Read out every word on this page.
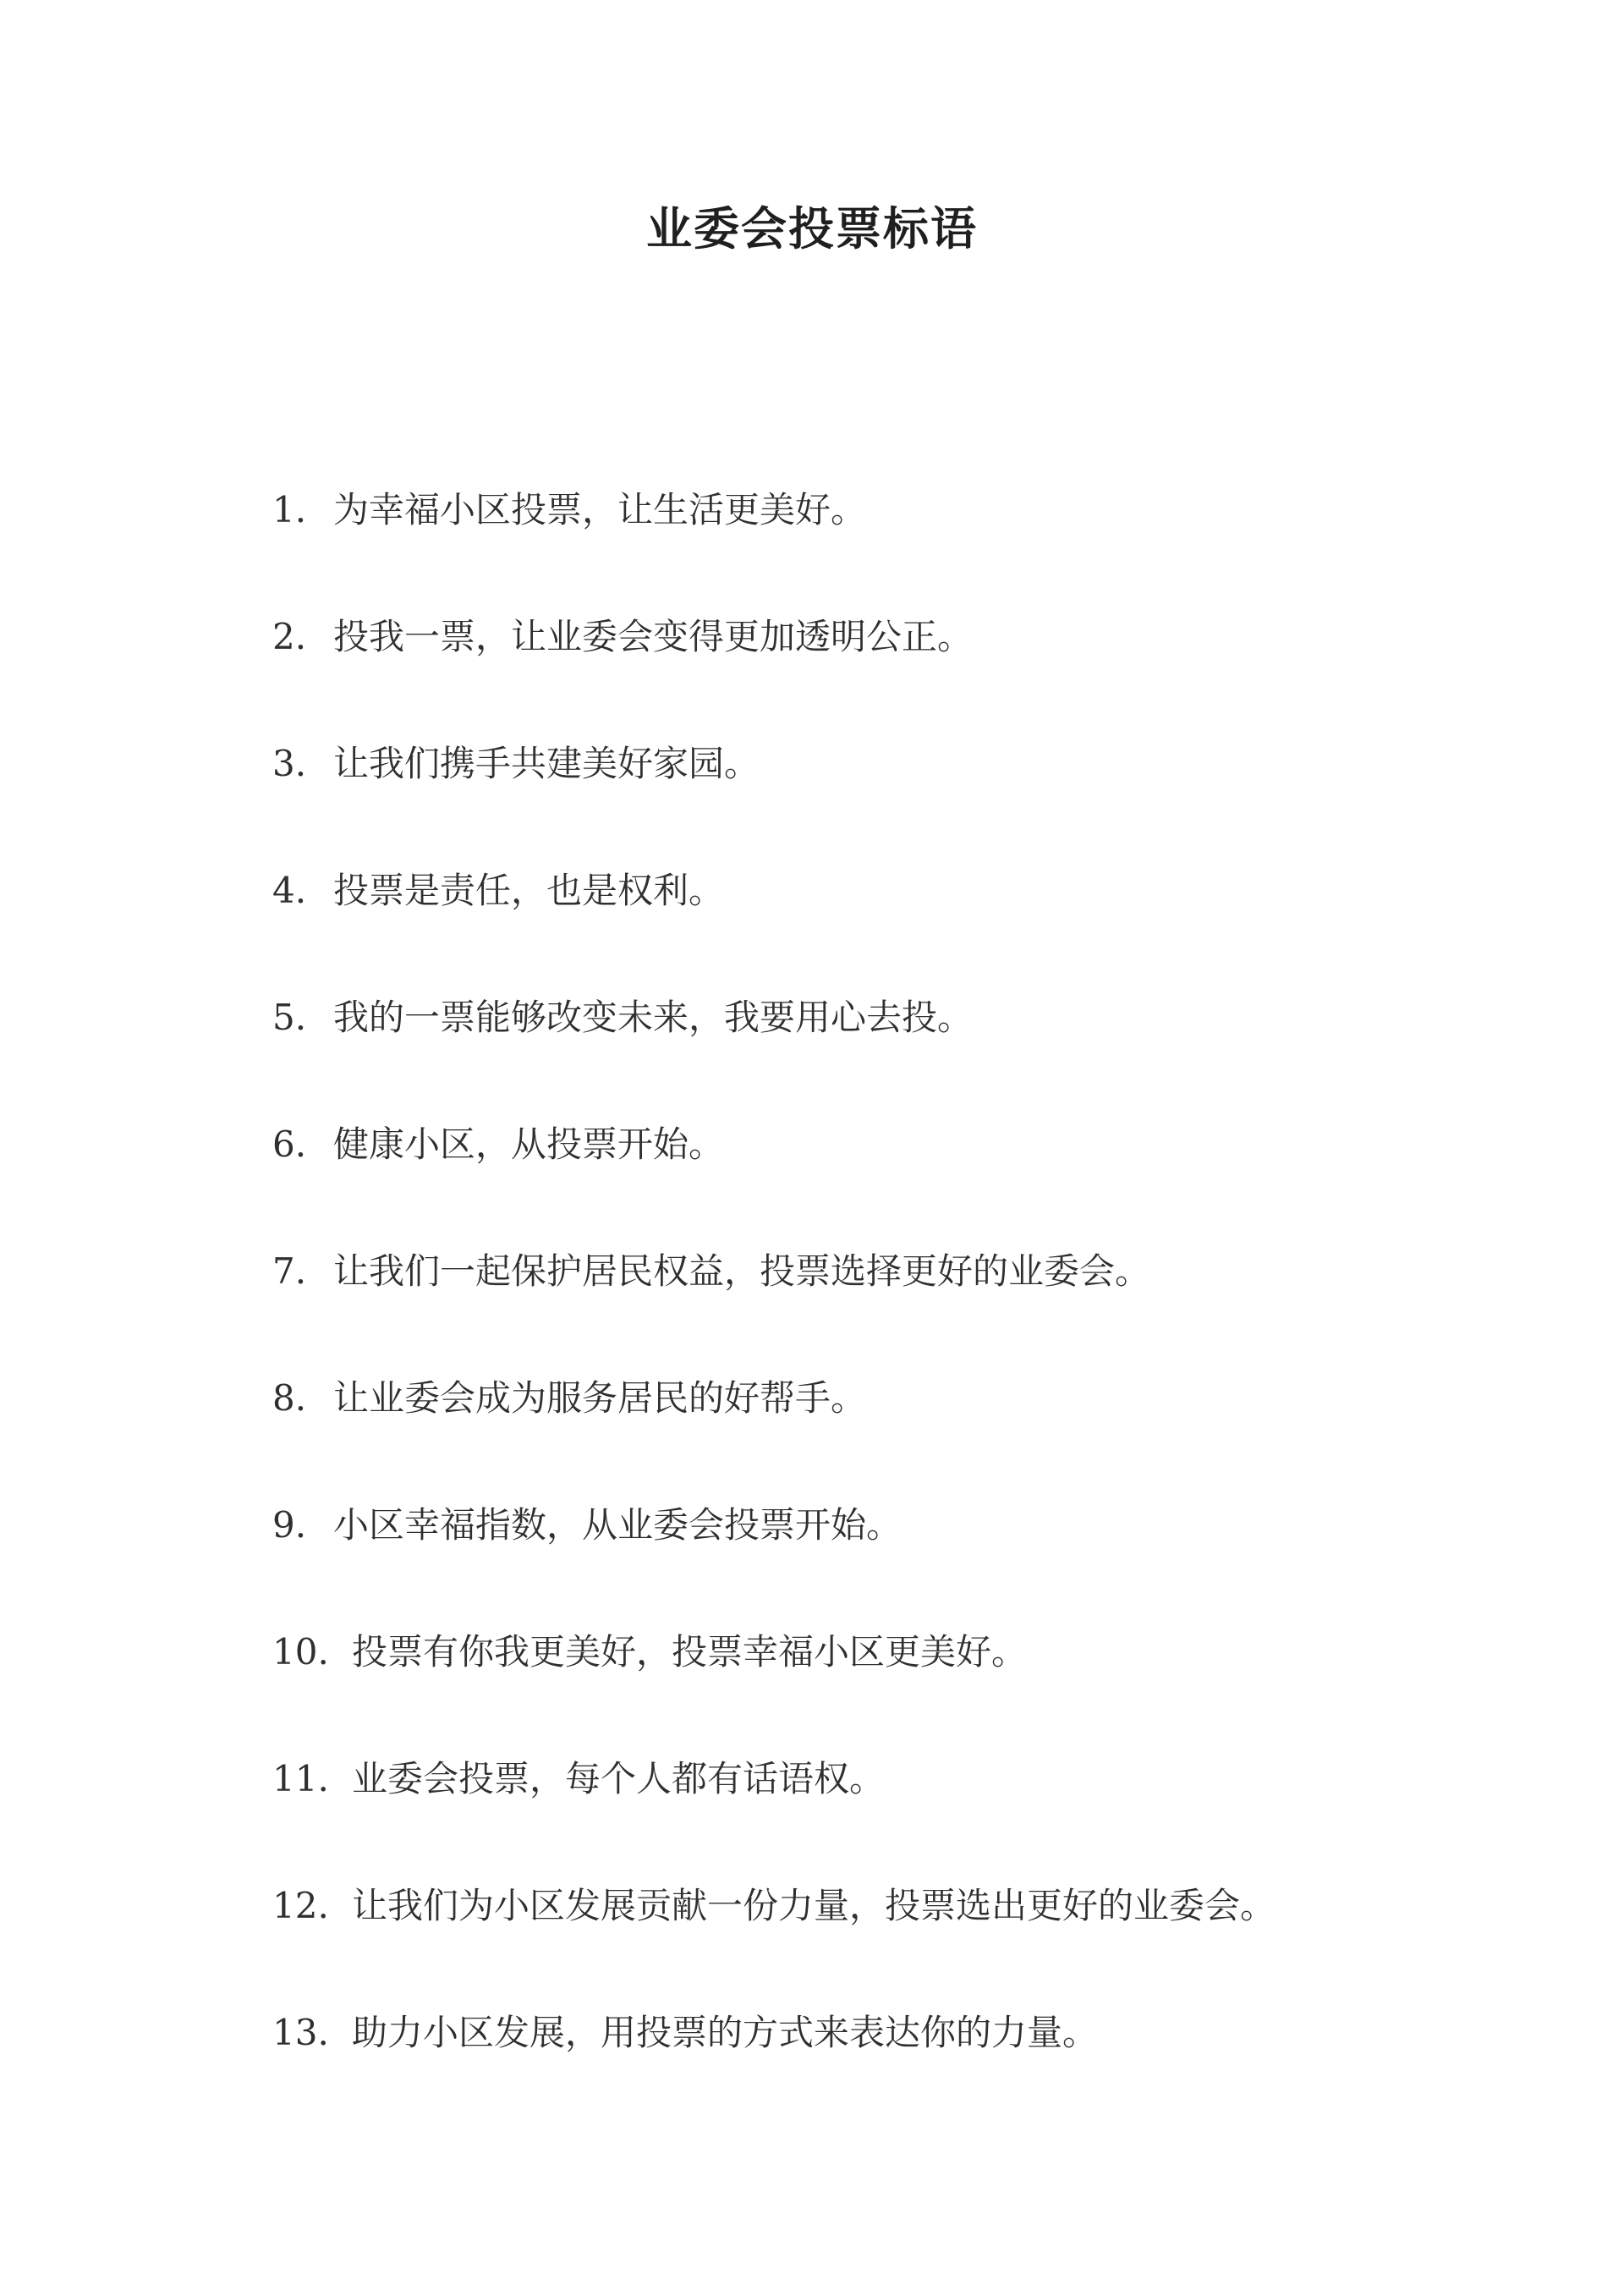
业委会投票标语
1. 为幸福小区投票，让生活更美好。
2. 投我一票，让业委会变得更加透明公正。
3. 让我们携手共建美好家园。
4. 投票是责任，也是权利。
5. 我的一票能够改变未来，我要用心去投。
6. 健康小区，从投票开始。
7. 让我们一起保护居民权益，投票选择更好的业委会。
8. 让业委会成为服务居民的好帮手。
9. 小区幸福指数，从业委会投票开始。
10. 投票有你我更美好，投票幸福小区更美好。
11. 业委会投票，每个人都有话语权。
12. 让我们为小区发展贡献一份力量，投票选出更好的业委会。
13. 助力小区发展，用投票的方式来表达你的力量。
